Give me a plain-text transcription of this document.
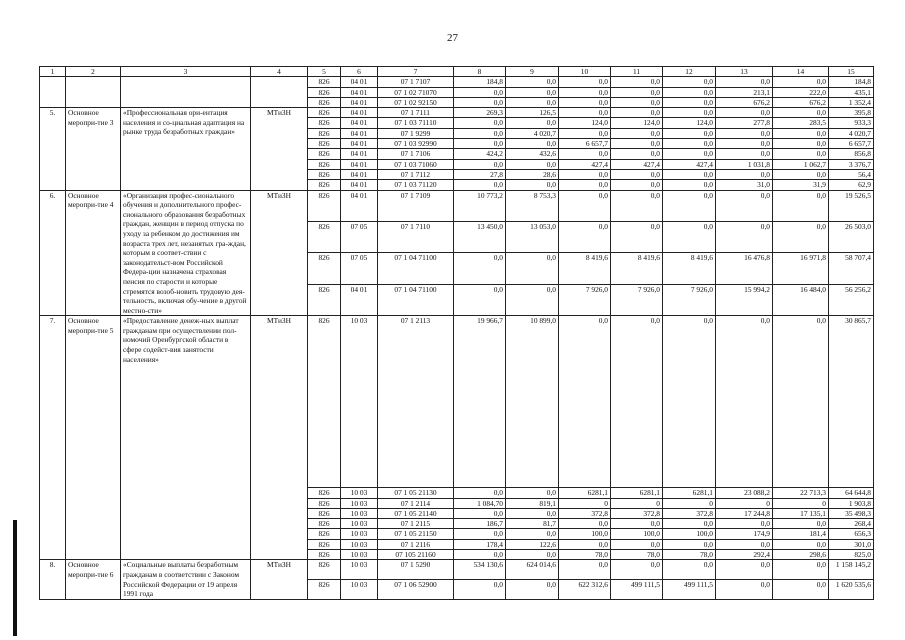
27
1	2	3	4	5	6	7	8	9	10	11	12	13	14	15
				826	04 01	07 1 7107	184,8	0,0	0,0	0,0	0,0	0,0	0,0	184,8
				826	04 01	07 1 02 71070	0,0	0,0	0,0	0,0	0,0	213,1	222,0	435,1
				826	04 01	07 1 02 92150	0,0	0,0	0,0	0,0	0,0	676,2	676,2	1 352,4
5.	Основное меропри-тие 3	«Профессиональная ори-ентация населения и со-циальная адаптация на рынке труда безработных граждан»	МТиЗН	826	04 01	07 1 7111	269,3	126,5	0,0	0,0	0,0	0,0	0,0	395,8
				826	04 01	07 1 03 71110	0,0	0,0	124,0	124,0	124,0	277,8	283,5	933,3
				826	04 01	07 1 9299	0,0	4 020,7	0,0	0,0	0,0	0,0	0,0	4 020,7
				826	04 01	07 1 03 92990	0,0	0,0	6 657,7	0,0	0,0	0,0	0,0	6 657,7
				826	04 01	07 1 7106	424,2	432,6	0,0	0,0	0,0	0,0	0,0	856,8
				826	04 01	07 1 03 71060	0,0	0,0	427,4	427,4	427,4	1 031,8	1 062,7	3 376,7
				826	04 01	07 1 7112	27,8	28,6	0,0	0,0	0,0	0,0	0,0	56,4
				826	04 01	07 1 03 71120	0,0	0,0	0,0	0,0	0,0	31,0	31,9	62,9
6.	Основное меропри-тие 4	«Организация профес-сионального обучения и дополнительного профес-сионального образования безработных граждан, женщин в период отпуска по уходу за ребенком до достижения им возраста трех лет, незанятых гра-ждан, которым в соответ-ствии с законодательст-вом Российской Федера-ции назначена страховая пенсия по старости и которые стремятся возоб-новить трудовую дея-тельность, включая обу-чение в другой местно-сти»	МТиЗН	826	04 01	07 1 7109	10 773,2	8 753,3	0,0	0,0	0,0	0,0	0,0	19 526,5
				826	07 05	07 1 7110	13 450,0	13 053,0	0,0	0,0	0,0	0,0	0,0	26 503,0
				826	07 05	07 1 04 71100	0,0	0,0	8 419,6	8 419,6	8 419,6	16 476,8	16 971,8	58 707,4
				826	04 01	07 1 04 71100	0,0	0,0	7 926,0	7 926,0	7 926,0	15 994,2	16 484,0	56 256,2
7.	Основное меропри-тие 5	«Предоставление денеж-ных выплат гражданам при осуществлении пол-номочий Оренбургской области в сфере содейст-вия занятости населения»	МТиЗН	826	10 03	07 1 2113	19 966,7	10 899,0	0,0	0,0	0,0	0,0	0,0	30 865,7
				826	10 03	07 1 05 21130	0,0	0,0	6281,1	6281,1	6281,1	23 088,2	22 713,3	64 644,8
				826	10 03	07 1 2114	1 084,70	819,1	0	0	0	0	0	1 903,8
				826	10 03	07 1 05 21140	0,0	0,0	372,8	372,8	372,8	17 244,8	17 135,1	35 498,3
				826	10 03	07 1 2115	186,7	81,7	0,0	0,0	0,0	0,0	0,0	268,4
				826	10 03	07 1 05 21150	0,0	0,0	100,0	100,0	100,0	174,9	181,4	656,3
				826	10 03	07 1 2116	178,4	122,6	0,0	0,0	0,0	0,0	0,0	301,0
				826	10 03	07 105 21160	0,0	0,0	78,0	78,0	78,0	292,4	298,6	825,0
8.	Основное меропри-тие 6	«Социальные выплаты безработным гражданам в соответствии с Законом Российской Федерации от 19 апреля 1991 года	МТиЗН	826	10 03	07 1 5290	534 130,6	624 014,6	0,0	0,0	0,0	0,0	0,0	1 158 145,2
				826	10 03	07 1 06 52900	0,0	0,0	622 312,6	499 111,5	499 111,5	0,0	0,0	1 620 535,6
